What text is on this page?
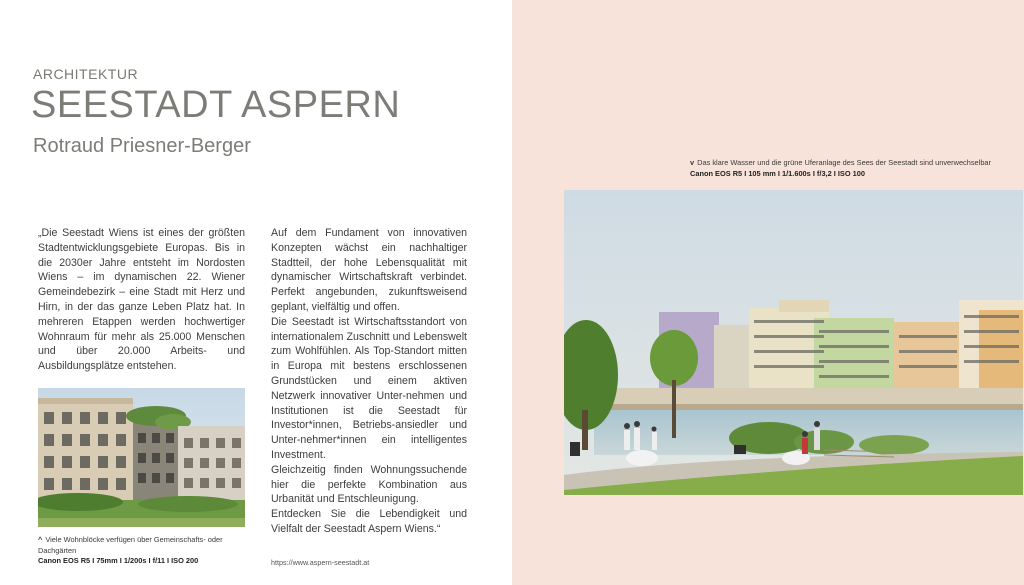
ARCHITEKTUR
SEESTADT ASPERN
Rotraud Priesner-Berger

„Die Seestadt Wiens ist eines der größten Stadtentwicklungsgebiete Europas. Bis in die 2030er Jahre entsteht im Nordosten Wiens – im dynamischen 22. Wiener Gemeindebezirk – eine Stadt mit Herz und Hirn, in der das ganze Leben Platz hat. In mehreren Etappen werden hochwertiger Wohnraum für mehr als 25.000 Menschen und über 20.000 Arbeits- und Ausbildungsplätze entstehen.

Auf dem Fundament von innovativen Konzepten wächst ein nachhaltiger Stadtteil, der hohe Lebensqualität mit dynamischer Wirtschaftskraft verbindet. Perfekt angebunden, zukunftsweisend geplant, vielfältig und offen.

Die Seestadt ist Wirtschaftsstandort von internationalem Zuschnitt und Lebenswelt zum Wohlfühlen. Als Top-Standort mitten in Europa mit bestens erschlossenen Grundstücken und einem aktiven Netzwerk innovativer Unter-nehmen und Institutionen ist die Seestadt für Investor*innen, Betriebs-ansiedler und Unter-nehmer*innen ein intelligentes Investment.

Gleichzeitig finden Wohnungssuchende hier die perfekte Kombination aus Urbanität und Entschleunigung.

Entdecken Sie die Lebendigkeit und Vielfalt der Seestadt Aspern Wiens.“

^ Viele Wohnblöcke verfügen über Gemeinschafts- oder Dachgärten
Canon EOS R5 I 75mm I 1/200s I f/11 I ISO 200
v Das klare Wasser und die grüne Uferanlage des Sees der Seestadt sind unverwechselbar
Canon EOS R5 I 105 mm I 1/1.600s I f/3,2 I ISO 100
https://www.aspern-seestadt.at
